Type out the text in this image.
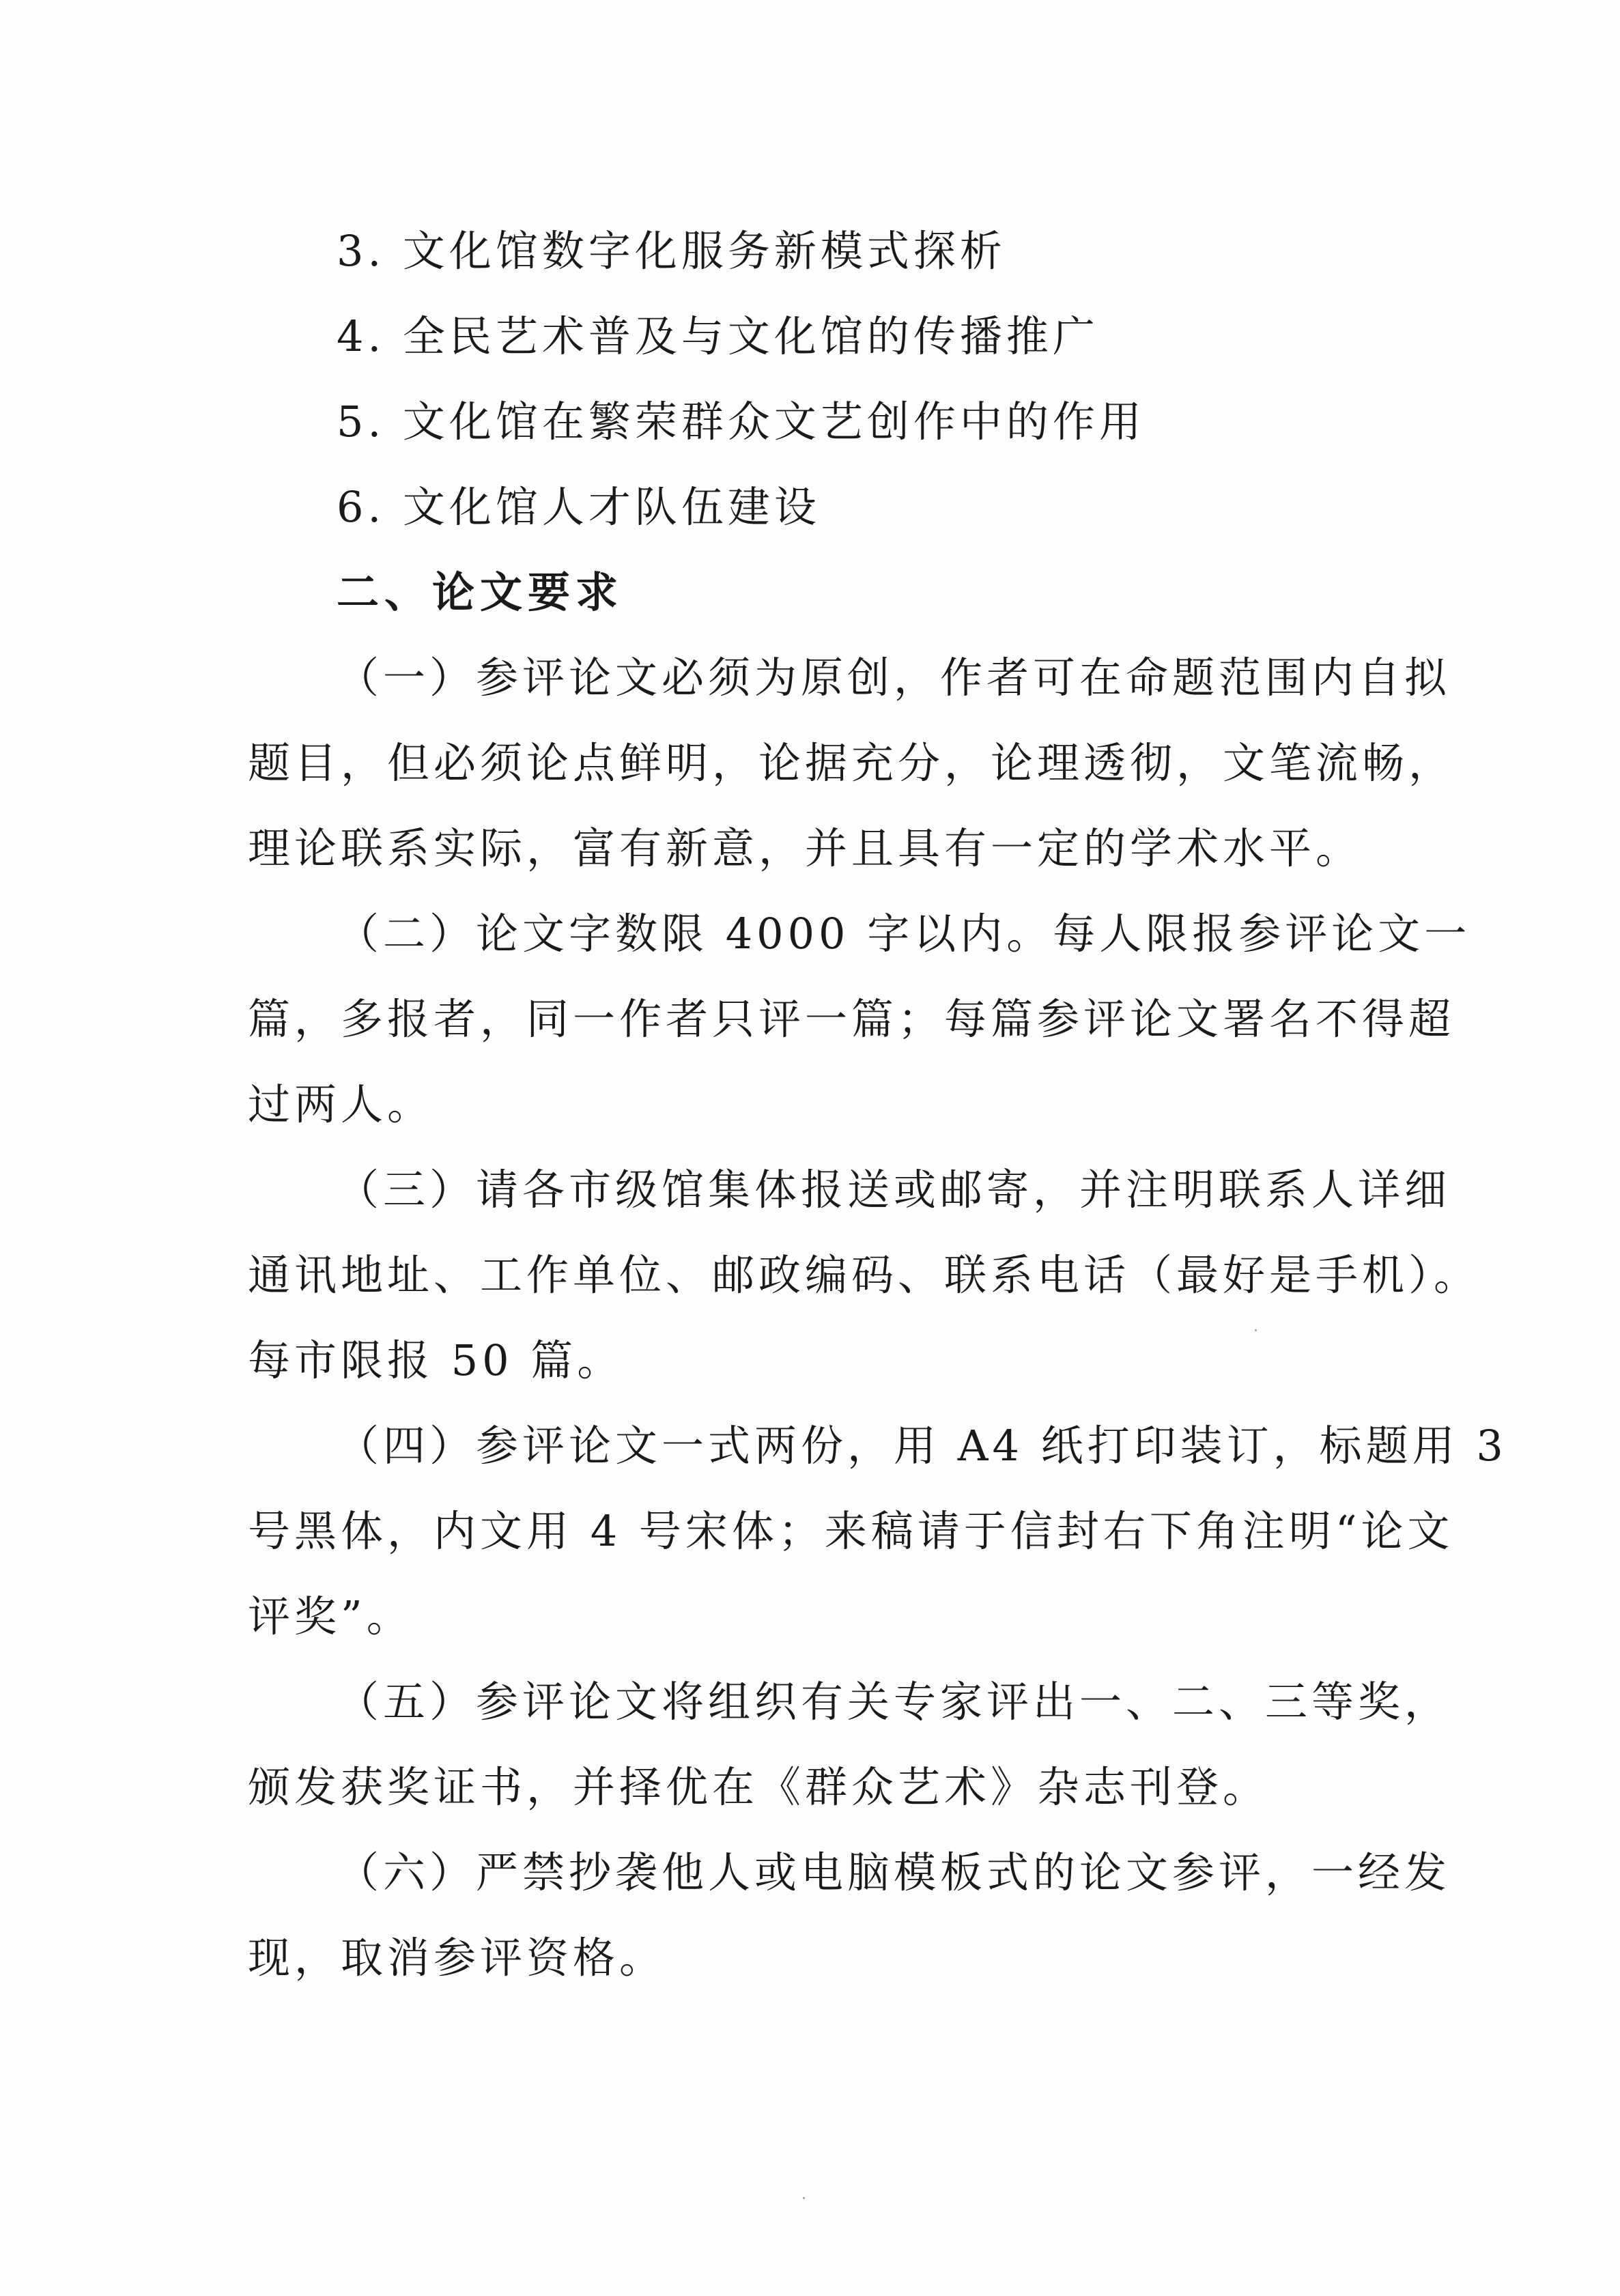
3. 文化馆数字化服务新模式探析
4. 全民艺术普及与文化馆的传播推广
5. 文化馆在繁荣群众文艺创作中的作用
6. 文化馆人才队伍建设
二、论文要求
（一）参评论文必须为原创，作者可在命题范围内自拟
题目，但必须论点鲜明，论据充分，论理透彻，文笔流畅，
理论联系实际，富有新意，并且具有一定的学术水平。
（二）论文字数限 4000 字以内。每人限报参评论文一
篇，多报者，同一作者只评一篇；每篇参评论文署名不得超
过两人。
（三）请各市级馆集体报送或邮寄，并注明联系人详细
通讯地址、工作单位、邮政编码、联系电话（最好是手机）。
每市限报 50 篇。
（四）参评论文一式两份，用 A4 纸打印装订，标题用 3
号黑体，内文用 4 号宋体；来稿请于信封右下角注明“论文
评奖”。
（五）参评论文将组织有关专家评出一、二、三等奖，
颁发获奖证书，并择优在《群众艺术》杂志刊登。
（六）严禁抄袭他人或电脑模板式的论文参评，一经发
现，取消参评资格。
